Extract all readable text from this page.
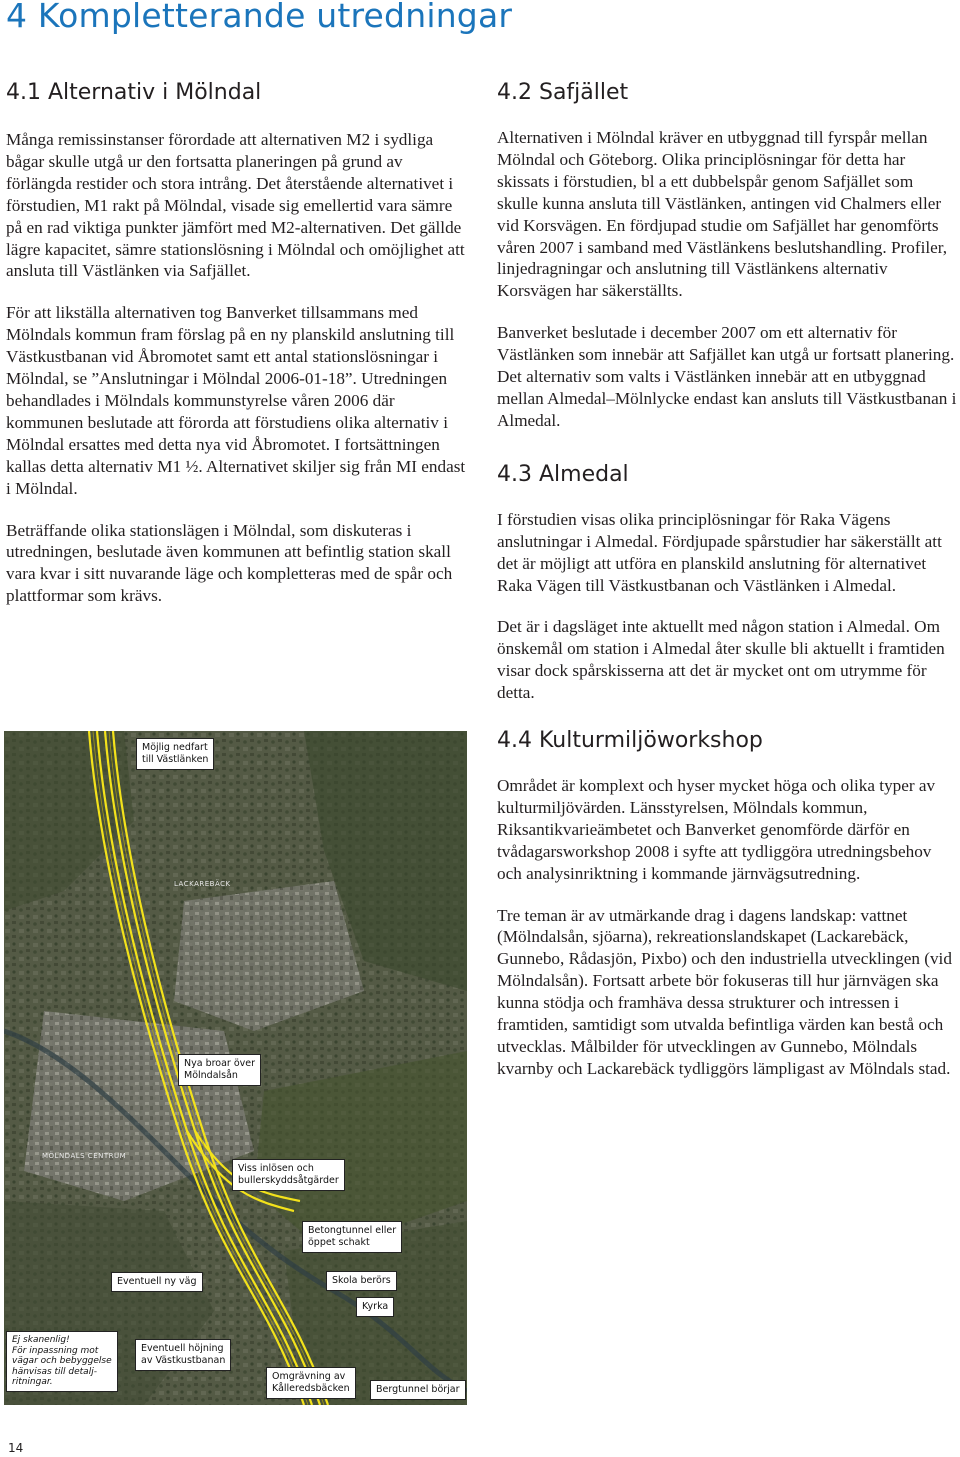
4 Kompletterande utredningar
4.1 Alternativ i Mölndal

Många remissinstanser förordade att alternativen M2 i sydliga bågar skulle utgå ur den fortsatta planeringen på grund av förlängda restider och stora intrång. Det återstående alternativet i förstudien, M1 rakt på Mölndal, visade sig emellertid vara sämre på en rad viktiga punkter jämfört med M2-alternativen. Det gällde lägre kapacitet, sämre stationslösning i Mölndal och omöjlighet att ansluta till Västlänken via Safjället.

För att likställa alternativen tog Banverket tillsammans med Mölndals kommun fram förslag på en ny planskild anslutning till Västkustbanan vid Åbromotet samt ett antal stationslösningar i Mölndal, se ”Anslutningar i Mölndal 2006-01-18”. Utredningen behandlades i Mölndals kommunstyrelse våren 2006 där kommunen beslutade att förorda att förstudiens olika alternativ i Mölndal ersattes med detta nya vid Åbromotet. I fortsättningen kallas detta alternativ M1 ½. Alternativet skiljer sig från MI endast i Mölndal.

Beträffande olika stationslägen i Mölndal, som diskuteras i utredningen, beslutade även kommunen att befintlig station skall vara kvar i sitt nuvarande läge och kompletteras med de spår och plattformar som krävs.

4.2 Safjället

Alternativen i Mölndal kräver en utbyggnad till fyrspår mellan Mölndal och Göteborg. Olika principlösningar för detta har skissats i förstudien, bl a ett dubbelspår genom Safjället som skulle kunna ansluta till Västlänken, antingen vid Chalmers eller vid Korsvägen. En fördjupad studie om Safjället har genomförts våren 2007 i samband med Västlänkens beslutshandling. Profiler, linjedragningar och anslutning till Västlänkens alternativ Korsvägen har säkerställts.

Banverket beslutade i december 2007 om ett alternativ för Västlänken som innebär att Safjället kan utgå ur fortsatt planering. Det alternativ som valts i Västlänken innebär att en utbyggnad mellan Almedal–Mölnlycke endast kan ansluts till Västkustbanan i Almedal.

4.3 Almedal

I förstudien visas olika principlösningar för Raka Vägens anslutningar i Almedal. Fördjupade spårstudier har säkerställt att det är möjligt att utföra en planskild anslutning för alternativet Raka Vägen till Västkustbanan och Västlänken i Almedal.

Det är i dagsläget inte aktuellt med någon station i Almedal. Om önskemål om station i Almedal åter skulle bli aktuellt i framtiden visar dock spårskisserna att det är mycket ont om utrymme för detta.

4.4 Kulturmiljöworkshop

Området är komplext och hyser mycket höga och olika typer av kulturmiljövärden. Länsstyrelsen, Mölndals kommun, Riksantikvarieämbetet och Banverket genomförde därför en tvådagarsworkshop 2008 i syfte att tydliggöra utredningsbehov och analysinriktning i kommande järnvägsutredning.

Tre teman är av utmärkande drag i dagens landskap: vattnet (Mölndalsån, sjöarna), rekreationslandskapet (Lackarebäck, Gunnebo, Rådasjön, Pixbo) och den industriella utvecklingen (vid Mölndalsån). Fortsatt arbete bör fokuseras till hur järnvägen ska kunna stödja och framhäva dessa strukturer och intressen i framtiden, samtidigt som utvalda befintliga värden kan bestå och utvecklas. Målbilder för utvecklingen av Gunnebo, Mölndals kvarnby och Lackarebäck tydliggörs lämpligast av Mölndals stad.

LACKAREBÄCK
MÖLNDALS CENTRUM
Möjlig nedfart
till Västlänken
Nya broar över
Mölndalsån
Viss inlösen och
bullerskyddsåtgärder
Betongtunnel eller
öppet schakt
Eventuell ny väg	Skola berörs
Kyrka
Ej skanenlig!
För inpassning mot
vägar och bebyggelse
hänvisas till detalj-
ritningar.
Eventuell höjning
av Västkustbanan
Omgrävning av
Kålleredsbäcken	Bergtunnel börjar
14
